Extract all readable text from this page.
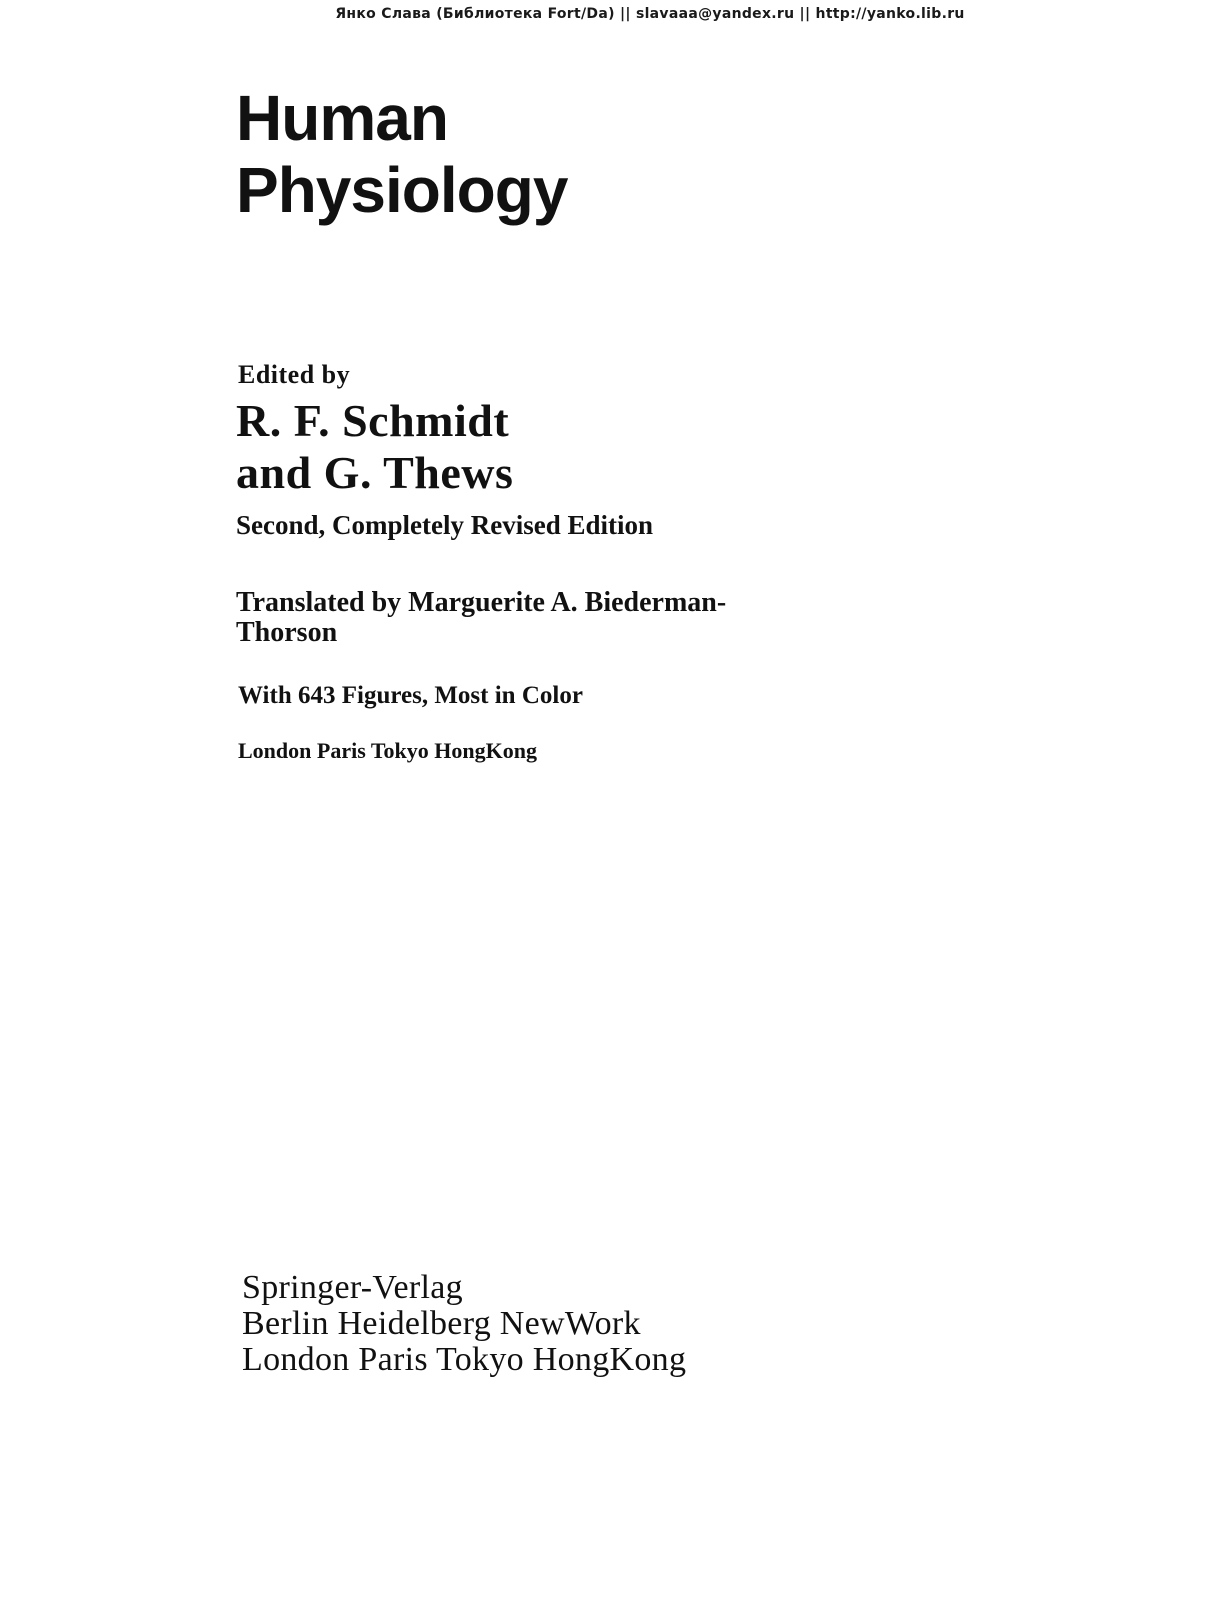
Янко Слава (Библиотека Fort/Da) || slavaaa@yandex.ru || http://yanko.lib.ru
Human
Physiology
Edited by
R. F. Schmidt
and G. Thews
Second, Completely Revised Edition
Translated by Marguerite A. Biederman-Thorson
With 643 Figures, Most in Color
London Paris Tokyo HongKong
Springer-Verlag
Berlin Heidelberg NewWork
London Paris Tokyo HongKong
